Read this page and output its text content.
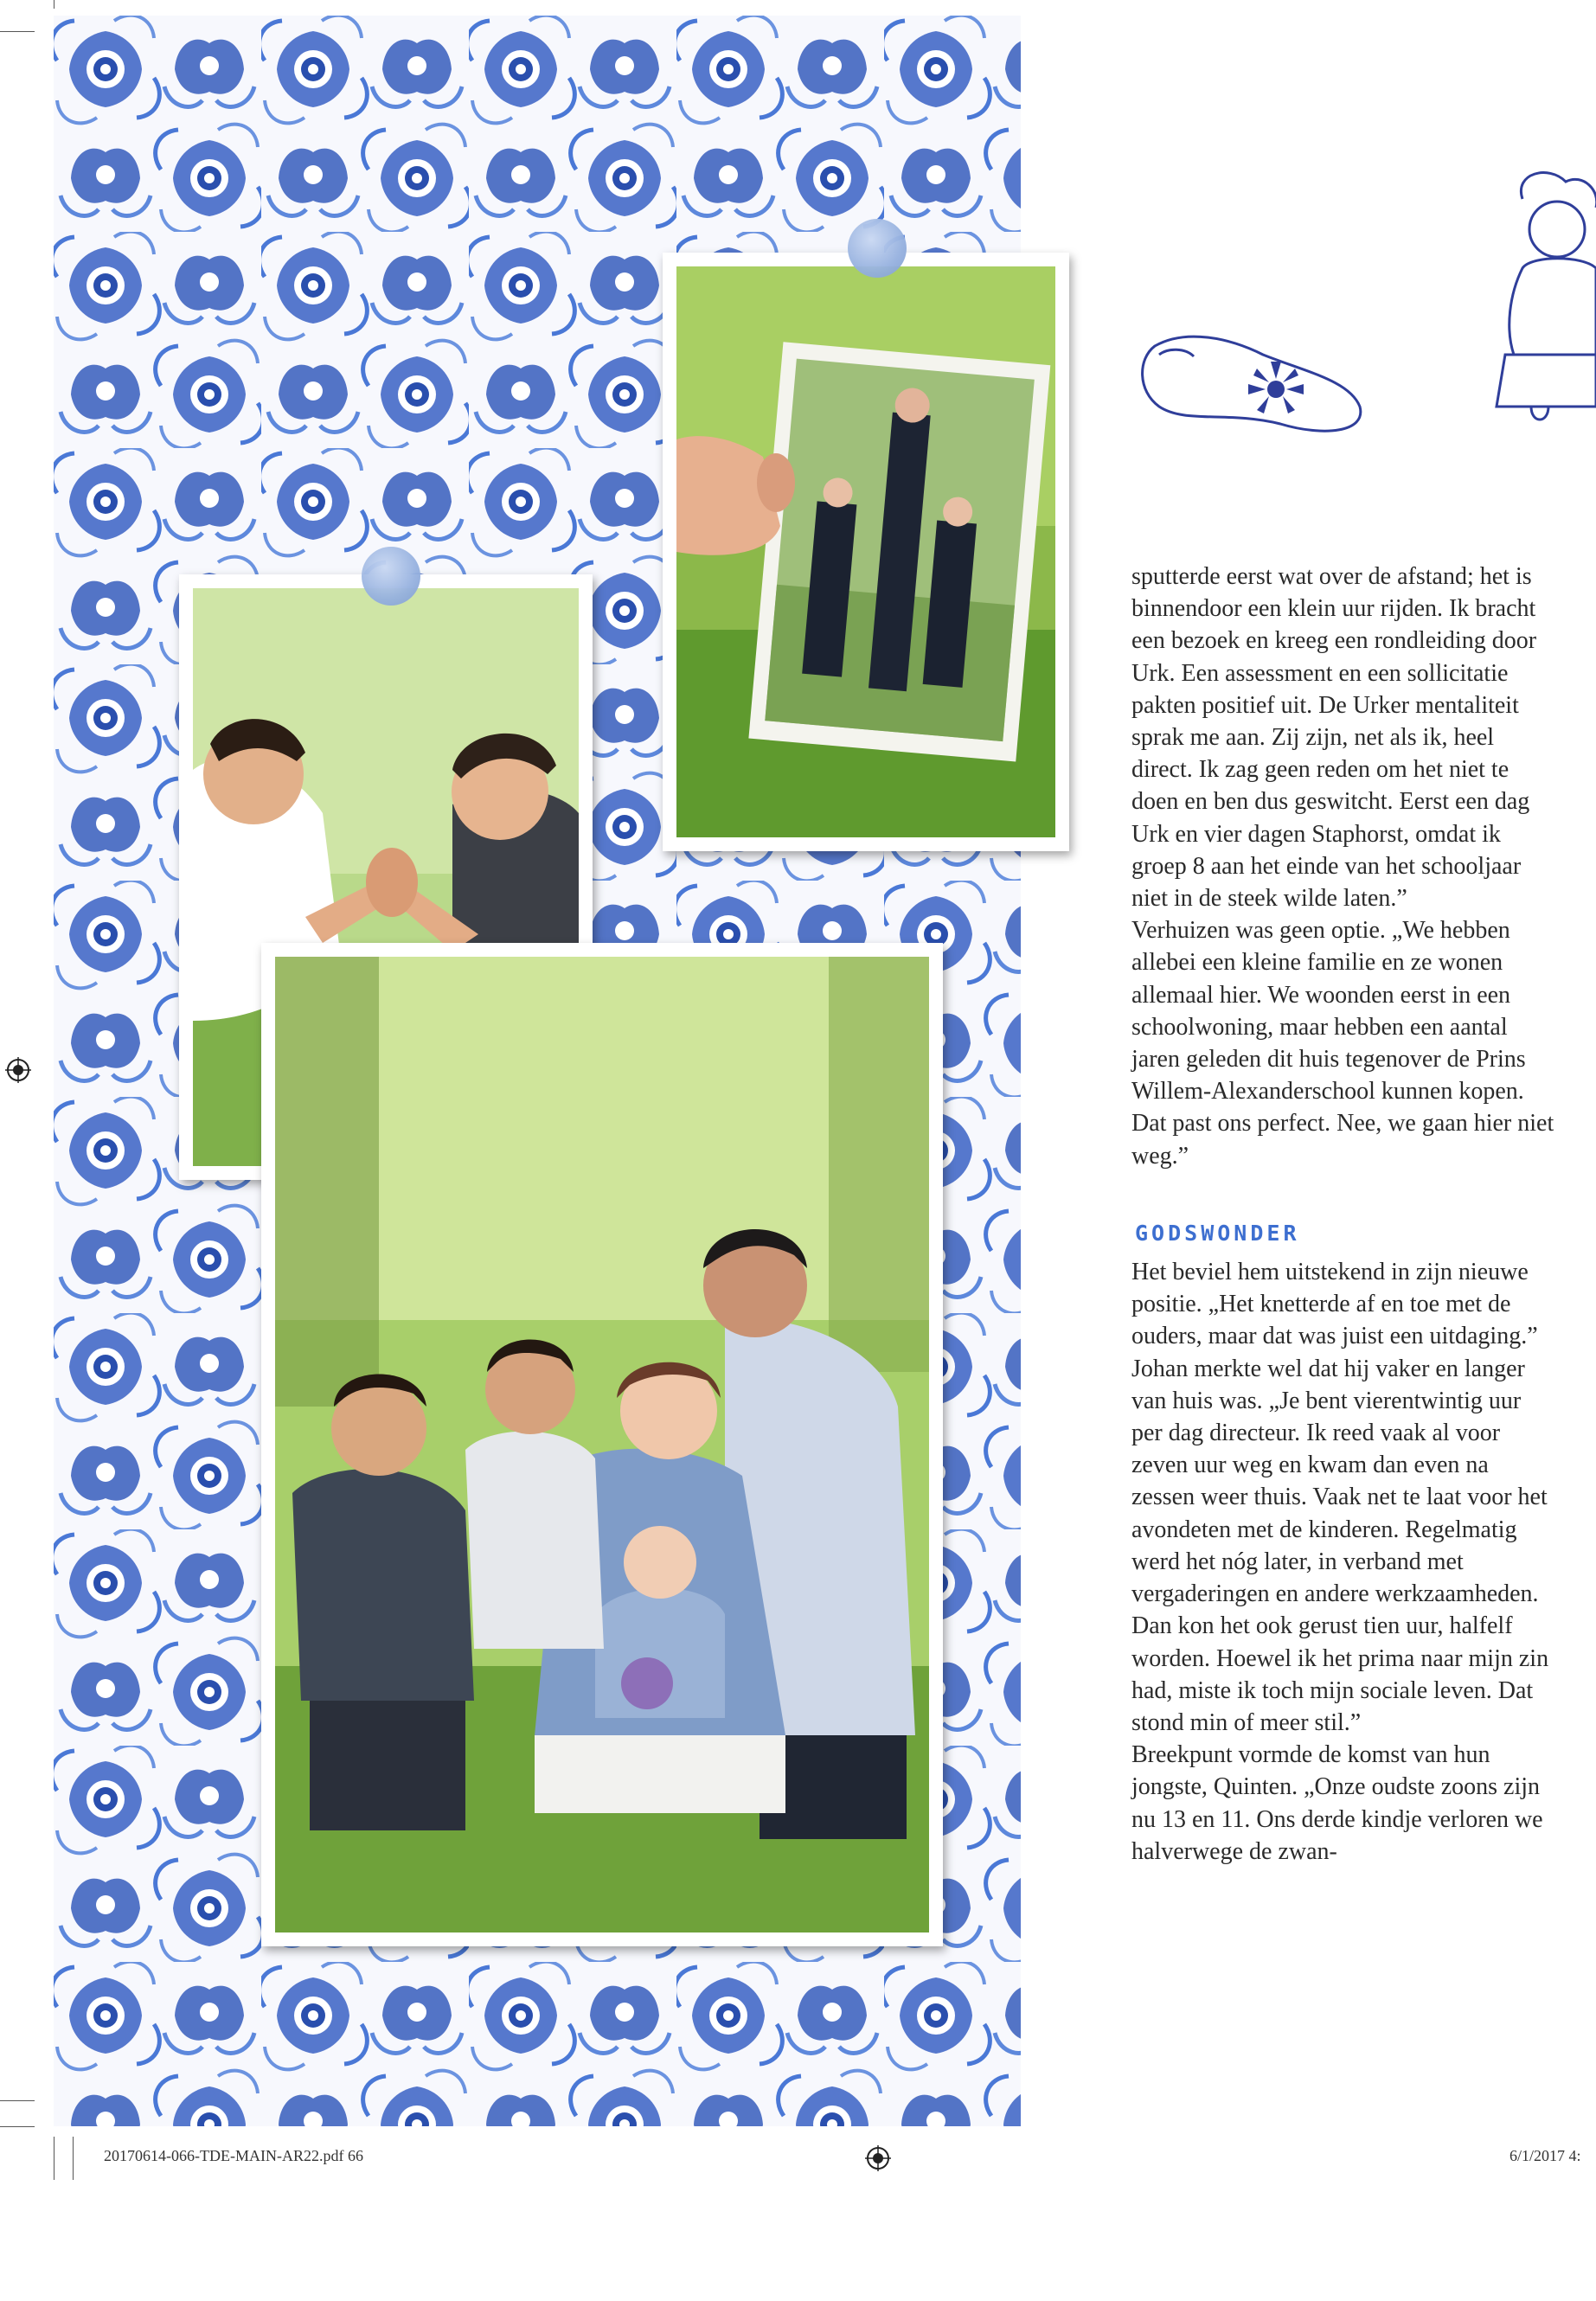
sputterde eerst wat over de afstand; het is binnendoor een klein uur rijden. Ik bracht een bezoek en kreeg een rondleiding door Urk. Een assessment en een sollicitatie pakten positief uit. De Urker mentaliteit sprak me aan. Zij zijn, net als ik, heel direct. Ik zag geen reden om het niet te doen en ben dus geswitcht. Eerst een dag Urk en vier dagen Staphorst, omdat ik groep 8 aan het einde van het schooljaar niet in de steek wilde laten.”

Verhuizen was geen optie. „We hebben allebei een kleine familie en ze wonen allemaal hier. We woonden eerst in een schoolwoning, maar hebben een aantal jaren geleden dit huis tegenover de Prins Willem-Alexanderschool kunnen kopen. Dat past ons perfect. Nee, we gaan hier niet weg.”

GODSWONDER

Het beviel hem uitstekend in zijn nieuwe positie. „Het knetterde af en toe met de ouders, maar dat was juist een uitdaging.” Johan merkte wel dat hij vaker en langer van huis was. „Je bent vierentwintig uur per dag directeur. Ik reed vaak al voor zeven uur weg en kwam dan even na zessen weer thuis. Vaak net te laat voor het avondeten met de kinderen. Regelmatig werd het nóg later, in verband met vergaderingen en andere werkzaamheden. Dan kon het ook gerust tien uur, halfelf worden. Hoewel ik het prima naar mijn zin had, miste ik toch mijn sociale leven. Dat stond min of meer stil.”

Breekpunt vormde de komst van hun jongste, Quinten. „Onze oudste zoons zijn nu 13 en 11. Ons derde kindje verloren we halverwege de zwan-

20170614-066-TDE-MAIN-AR22.pdf 66	6/1/2017 4:
